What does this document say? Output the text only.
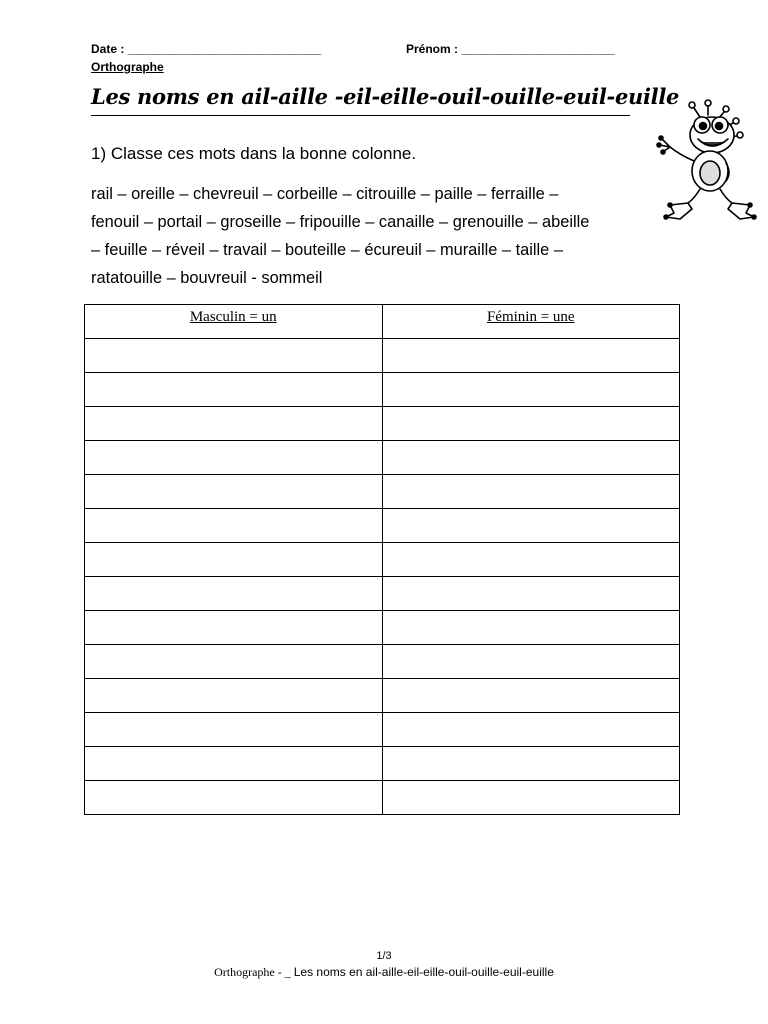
Date : _____________________________	Prénom : _______________________
Orthographe
Les noms en ail-aille -eil-eille-ouil-ouille-euil-euille
1) Classe ces mots dans la bonne colonne.
rail – oreille – chevreuil – corbeille – citrouille – paille – ferraille –
fenouil – portail – groseille – fripouille – canaille – grenouille – abeille
– feuille – réveil – travail – bouteille – écureuil – muraille – taille –
ratatouille – bouvreuil - sommeil
Masculin = un	Féminin = une

1/3
Orthographe - _ Les noms en ail-aille-eil-eille-ouil-ouille-euil-euille
